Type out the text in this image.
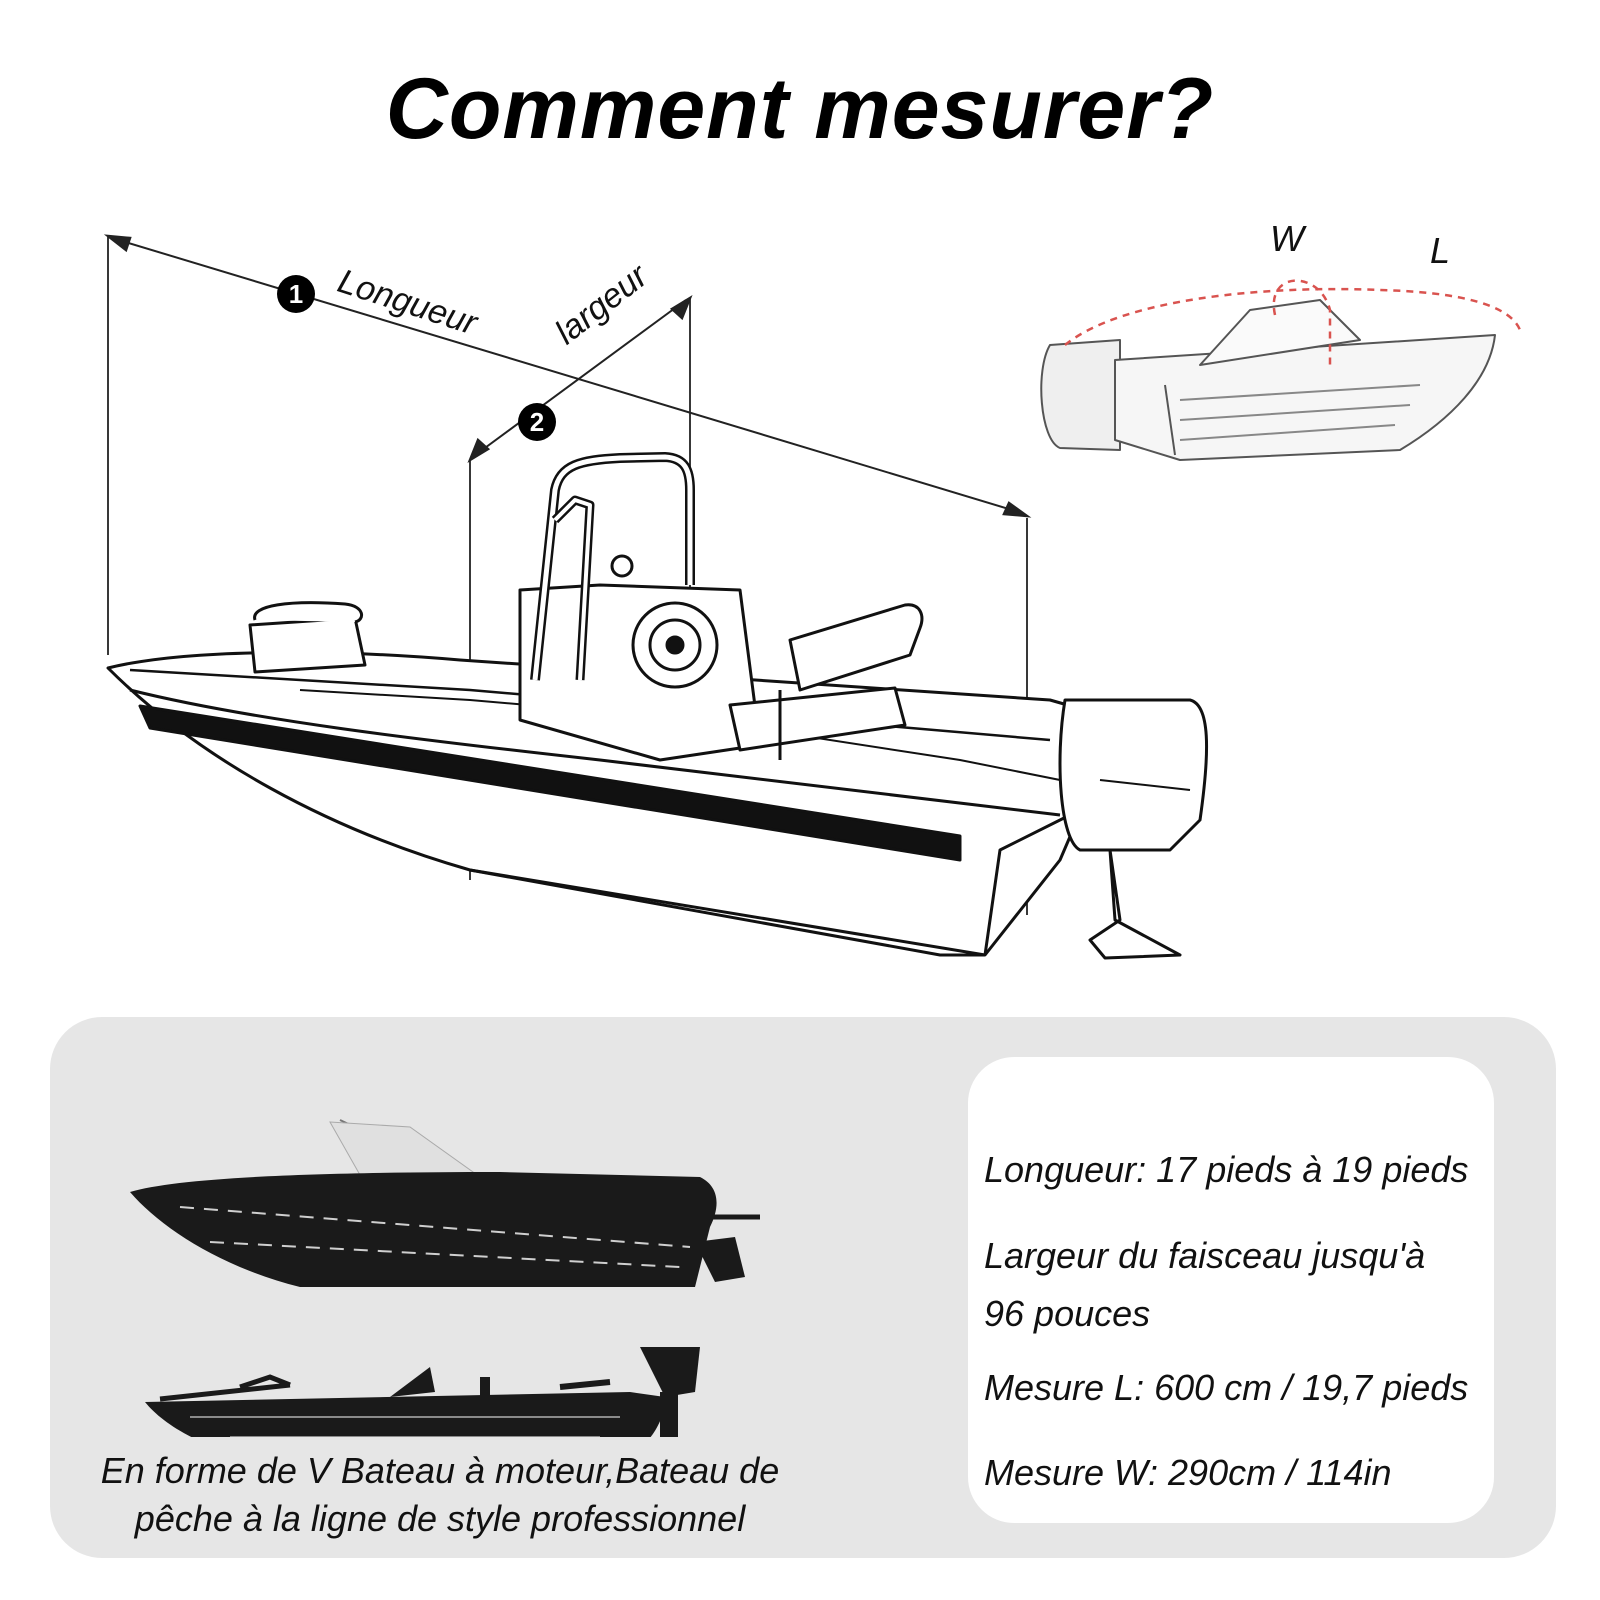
Comment mesurer?
Longueur largeur
1
2
W	L
En forme de V Bateau à moteur,Bateau de
pêche à la ligne de style professionnel
Longueur: 17 pieds à 19 pieds
Largeur du faisceau jusqu'à 96 pouces
Mesure L: 600 cm / 19,7 pieds
Mesure W: 290cm / 114in
